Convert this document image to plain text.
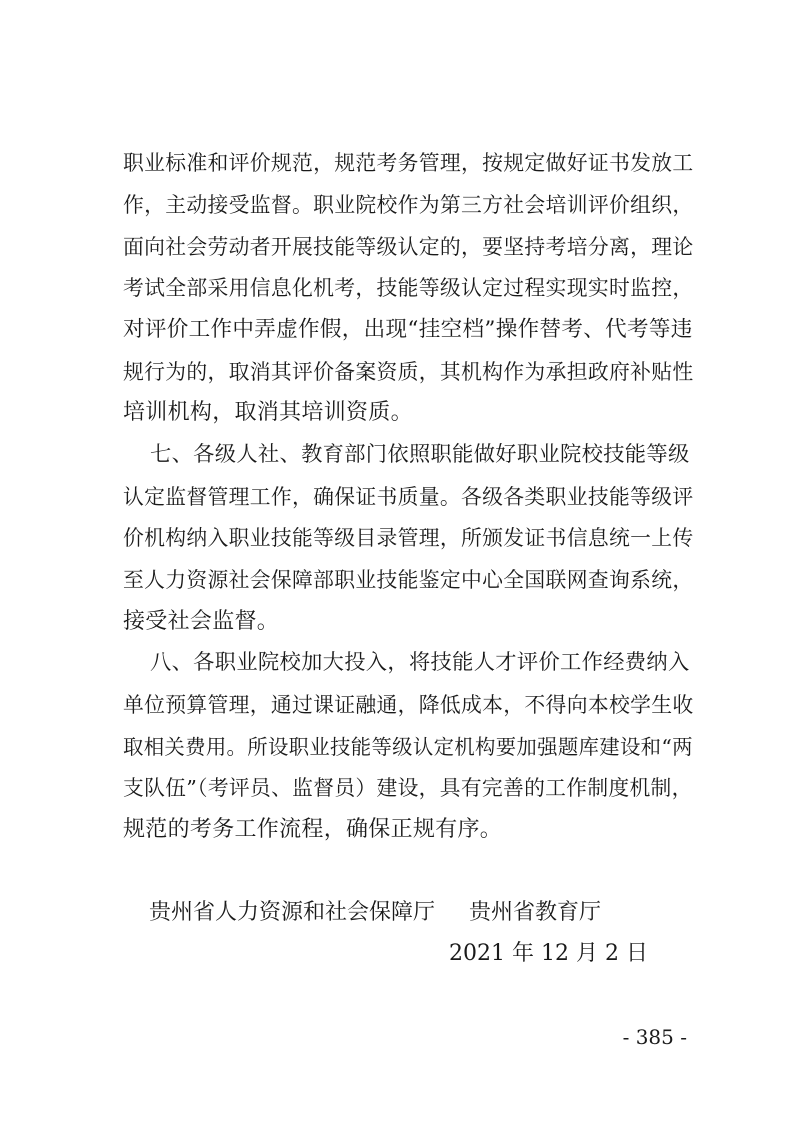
职业标准和评价规范，规范考务管理，按规定做好证书发放工
作，主动接受监督。职业院校作为第三方社会培训评价组织，
面向社会劳动者开展技能等级认定的，要坚持考培分离，理论
考试全部采用信息化机考，技能等级认定过程实现实时监控，
对评价工作中弄虚作假，出现“挂空档”操作替考、代考等违
规行为的，取消其评价备案资质，其机构作为承担政府补贴性
培训机构，取消其培训资质。
七、各级人社、教育部门依照职能做好职业院校技能等级
认定监督管理工作，确保证书质量。各级各类职业技能等级评
价机构纳入职业技能等级目录管理，所颁发证书信息统一上传
至人力资源社会保障部职业技能鉴定中心全国联网查询系统，
接受社会监督。
八、各职业院校加大投入，将技能人才评价工作经费纳入
单位预算管理，通过课证融通，降低成本，不得向本校学生收
取相关费用。所设职业技能等级认定机构要加强题库建设和“两
支队伍”（考评员、监督员）建设，具有完善的工作制度机制，
规范的考务工作流程，确保正规有序。
贵州省人力资源和社会保障厅 贵州省教育厅
2021 年 12 月 2 日
- 385 -
